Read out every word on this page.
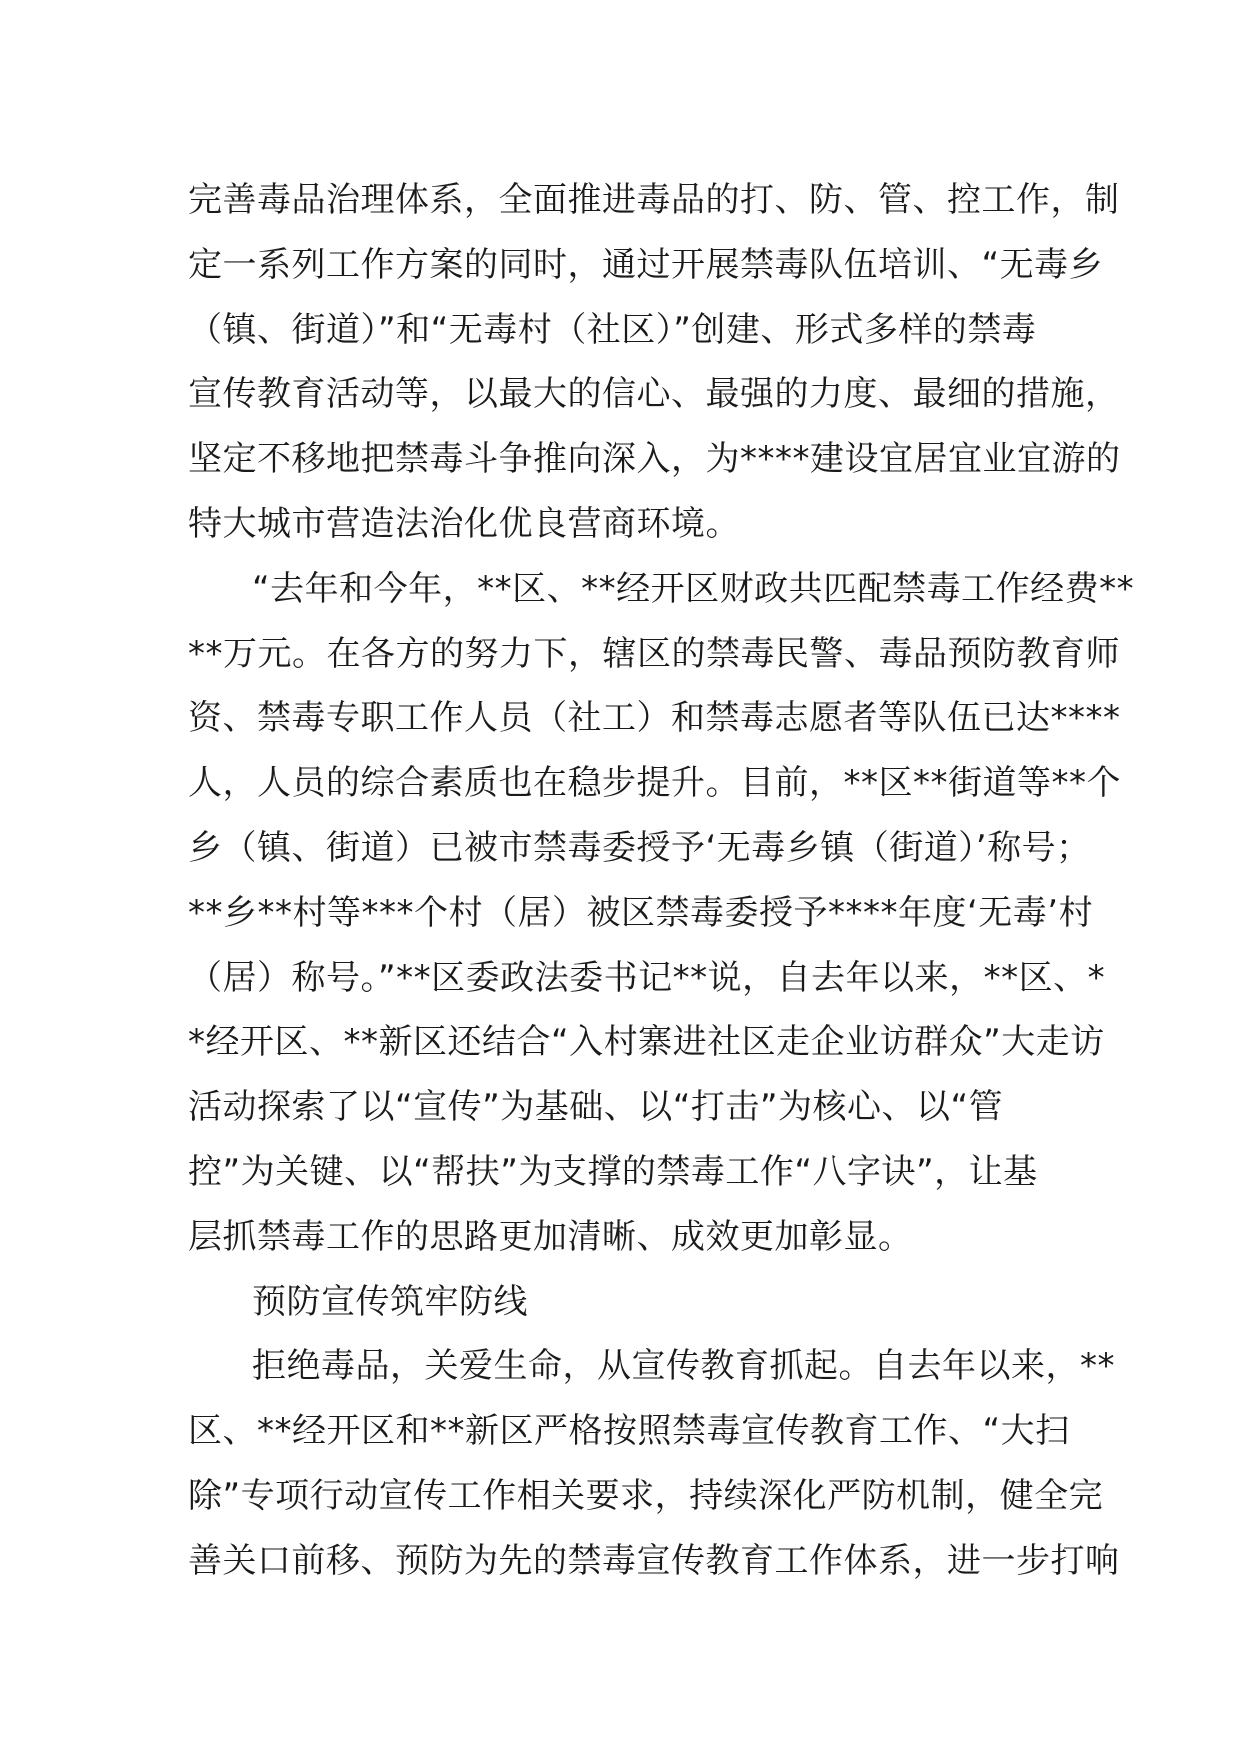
完善毒品治理体系，全面推进毒品的打、防、管、控工作，制
定一系列工作方案的同时，通过开展禁毒队伍培训、“无毒乡
（镇、街道）”和“无毒村（社区）”创建、形式多样的禁毒
宣传教育活动等，以最大的信心、最强的力度、最细的措施，
坚定不移地把禁毒斗争推向深入，为****建设宜居宜业宜游的
特大城市营造法治化优良营商环境。
“去年和今年，**区、**经开区财政共匹配禁毒工作经费**
**万元。在各方的努力下，辖区的禁毒民警、毒品预防教育师
资、禁毒专职工作人员（社工）和禁毒志愿者等队伍已达****
人，人员的综合素质也在稳步提升。目前，**区**街道等**个
乡（镇、街道）已被市禁毒委授予‘无毒乡镇（街道）’称号；
**乡**村等***个村（居）被区禁毒委授予****年度‘无毒’村
（居）称号。”**区委政法委书记**说，自去年以来，**区、*
*经开区、**新区还结合“入村寨进社区走企业访群众”大走访
活动探索了以“宣传”为基础、以“打击”为核心、以“管
控”为关键、以“帮扶”为支撑的禁毒工作“八字诀”，让基
层抓禁毒工作的思路更加清晰、成效更加彰显。
预防宣传筑牢防线
拒绝毒品，关爱生命，从宣传教育抓起。自去年以来，**
区、**经开区和**新区严格按照禁毒宣传教育工作、“大扫
除”专项行动宣传工作相关要求，持续深化严防机制，健全完
善关口前移、预防为先的禁毒宣传教育工作体系，进一步打响
